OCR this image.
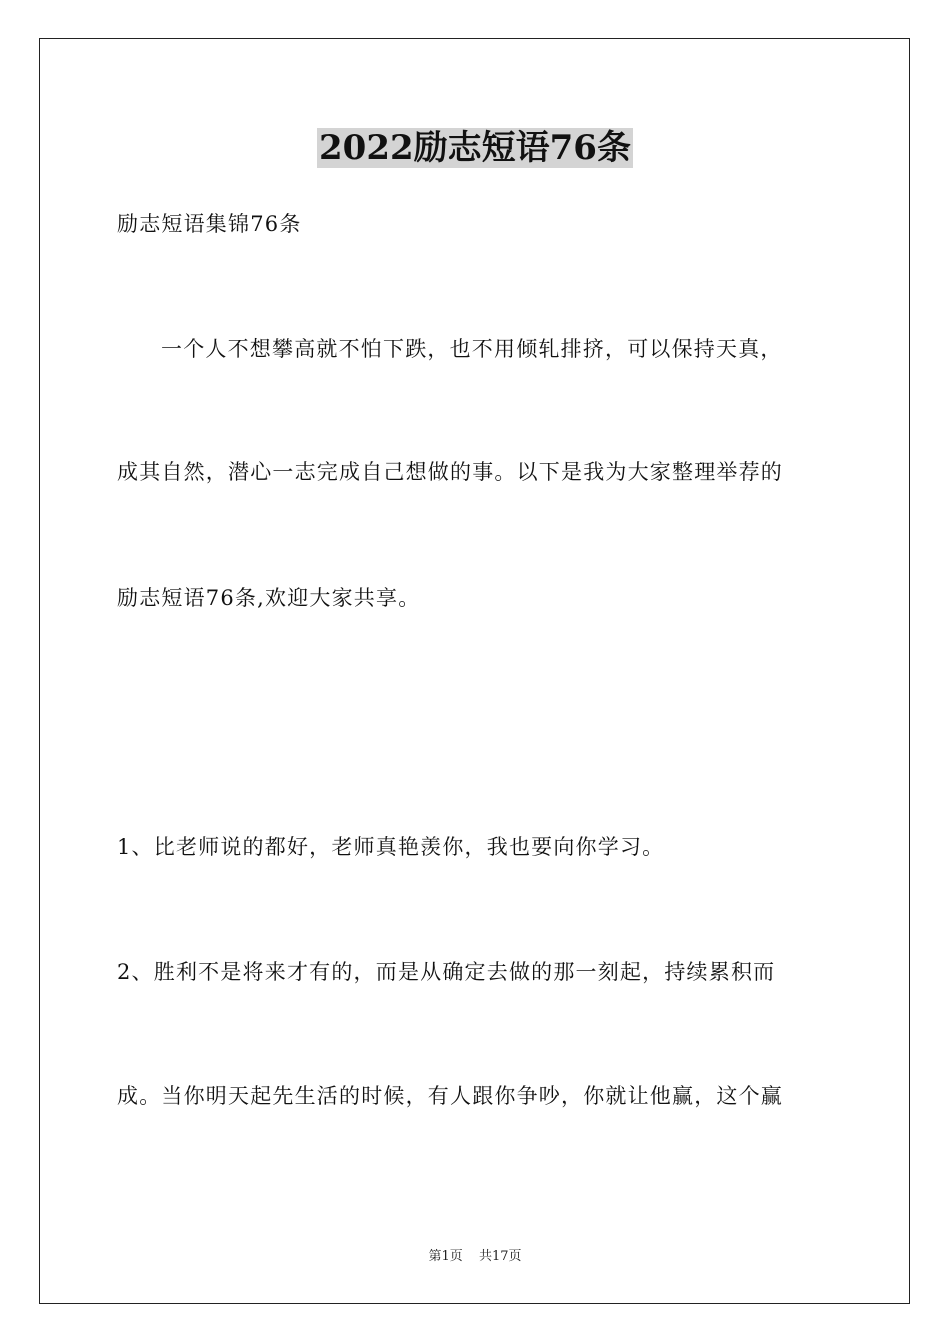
2022励志短语76条
励志短语集锦76条
一个人不想攀高就不怕下跌，也不用倾轧排挤，可以保持天真，
成其自然，潜心一志完成自己想做的事。以下是我为大家整理举荐的
励志短语76条,欢迎大家共享。
1、比老师说的都好，老师真艳羡你，我也要向你学习。
2、胜利不是将来才有的，而是从确定去做的那一刻起，持续累积而
成。当你明天起先生活的时候，有人跟你争吵，你就让他赢，这个赢
第1页 共17页
